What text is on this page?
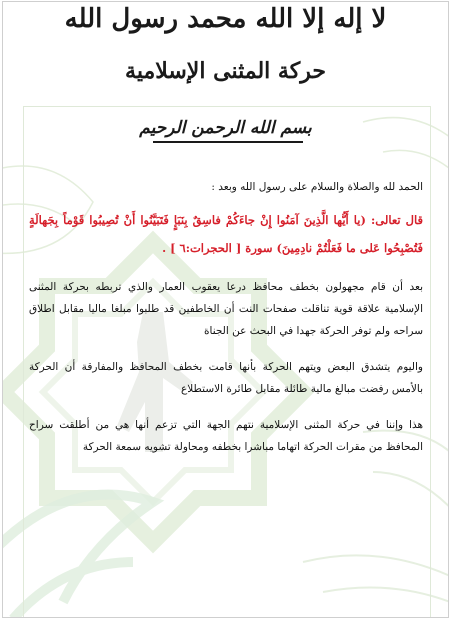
لا إله إلا الله محمد رسول الله
حركة المثنى الإسلامية
بسم الله الرحمن الرحيم

الحمد لله والصلاة والسلام على رسول الله وبعد :

قال تعالى: (يا أَيُّها الَّذِينَ آمَنُوا إِنْ جاءَكُمْ فاسِقٌ بِنَبَإٍ فَتَبَيَّنُوا أَنْ تُصِيبُوا قَوْماً بِجَهالَةٍ فَتُصْبِحُوا عَلى ما فَعَلْتُمْ نادِمِينَ) سورة [ الحجرات:٦ ] .

بعد أن قام مجهولون بخطف محافظ درعا يعقوب العمار والذي تربطه بحركة المثنى الإسلامية علاقة قوية تناقلت صفحات النت أن الخاطفين قد طلبوا مبلغا ماليا مقابل اطلاق سراحه ولم توفر الحركة جهدا في البحث عن الجناة

واليوم يتشدق البعض ويتهم الحركة بأنها قامت بخطف المحافظ والمفارقة أن الحركة بالأمس رفضت مبالغ مالية طائلة مقابل طائرة الاستطلاع

هذا وإننا في حركة المثنى الإسلامية نتهم الجهة التي تزعم أنها هي من أطلقت سراح المحافظ من مقرات الحركة اتهاما مباشرا بخطفه ومحاولة تشويه سمعة الحركة
